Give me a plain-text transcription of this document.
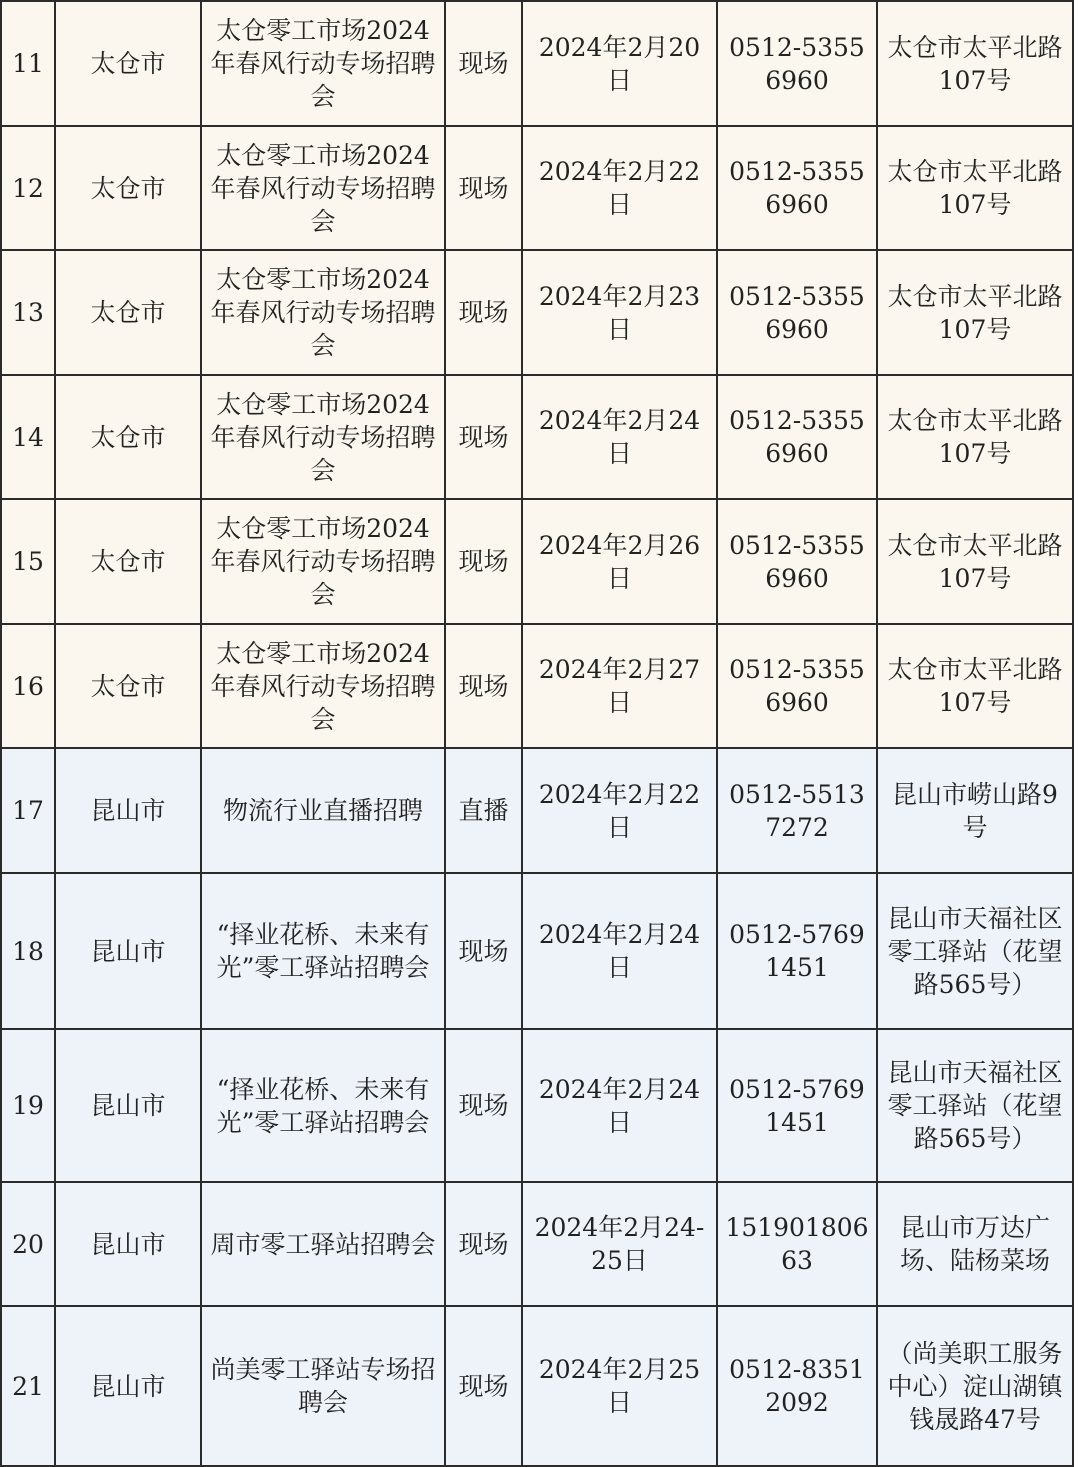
11	太仓市	太仓零工市场2024年春风行动专场招聘会	现场	2024年2月20日	0512-53556960	太仓市太平北路107号
12	太仓市	太仓零工市场2024年春风行动专场招聘会	现场	2024年2月22日	0512-53556960	太仓市太平北路107号
13	太仓市	太仓零工市场2024年春风行动专场招聘会	现场	2024年2月23日	0512-53556960	太仓市太平北路107号
14	太仓市	太仓零工市场2024年春风行动专场招聘会	现场	2024年2月24日	0512-53556960	太仓市太平北路107号
15	太仓市	太仓零工市场2024年春风行动专场招聘会	现场	2024年2月26日	0512-53556960	太仓市太平北路107号
16	太仓市	太仓零工市场2024年春风行动专场招聘会	现场	2024年2月27日	0512-53556960	太仓市太平北路107号
17	昆山市	物流行业直播招聘	直播	2024年2月22日	0512-55137272	昆山市崂山路9号
18	昆山市	“择业花桥、未来有光”零工驿站招聘会	现场	2024年2月24日	0512-57691451	昆山市天福社区零工驿站（花望路565号）
19	昆山市	“择业花桥、未来有光”零工驿站招聘会	现场	2024年2月24日	0512-57691451	昆山市天福社区零工驿站（花望路565号）
20	昆山市	周市零工驿站招聘会	现场	2024年2月24-25日	15190180663	昆山市万达广场、陆杨菜场
21	昆山市	尚美零工驿站专场招聘会	现场	2024年2月25日	0512-83512092	（尚美职工服务中心）淀山湖镇钱晟路47号
